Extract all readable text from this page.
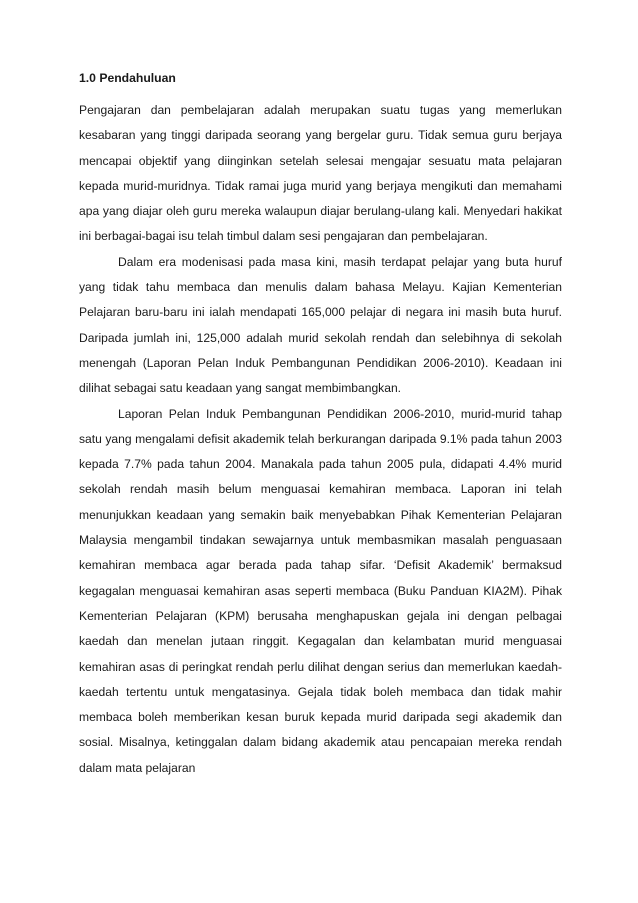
1.0 Pendahuluan

Pengajaran dan pembelajaran adalah merupakan suatu tugas yang memerlukan kesabaran yang tinggi daripada seorang yang bergelar guru. Tidak semua guru berjaya mencapai objektif yang diinginkan setelah selesai mengajar sesuatu mata pelajaran kepada murid-muridnya. Tidak ramai juga murid yang berjaya mengikuti dan memahami apa yang diajar oleh guru mereka walaupun diajar berulang-ulang kali. Menyedari hakikat ini berbagai-bagai isu telah timbul dalam sesi pengajaran dan pembelajaran.

Dalam era modenisasi pada masa kini, masih terdapat pelajar yang buta huruf yang tidak tahu membaca dan menulis dalam bahasa Melayu. Kajian Kementerian Pelajaran baru-baru ini ialah mendapati 165,000 pelajar di negara ini masih buta huruf. Daripada jumlah ini, 125,000 adalah murid sekolah rendah dan selebihnya di sekolah menengah (Laporan Pelan Induk Pembangunan Pendidikan 2006-2010). Keadaan ini dilihat sebagai satu keadaan yang sangat membimbangkan.

Laporan Pelan Induk Pembangunan Pendidikan 2006-2010, murid-murid tahap satu yang mengalami defisit akademik telah berkurangan daripada 9.1% pada tahun 2003 kepada 7.7% pada tahun 2004. Manakala pada tahun 2005 pula, didapati 4.4% murid sekolah rendah masih belum menguasai kemahiran membaca. Laporan ini telah menunjukkan keadaan yang semakin baik menyebabkan Pihak Kementerian Pelajaran Malaysia mengambil tindakan sewajarnya untuk membasmikan masalah penguasaan kemahiran membaca agar berada pada tahap sifar. ‘Defisit Akademik’ bermaksud kegagalan menguasai kemahiran asas seperti membaca (Buku Panduan KIA2M). Pihak Kementerian Pelajaran (KPM) berusaha menghapuskan gejala ini dengan pelbagai kaedah dan menelan jutaan ringgit. Kegagalan dan kelambatan murid menguasai kemahiran asas di peringkat rendah perlu dilihat dengan serius dan memerlukan kaedah-kaedah tertentu untuk mengatasinya. Gejala tidak boleh membaca dan tidak mahir membaca boleh memberikan kesan buruk kepada murid daripada segi akademik dan sosial. Misalnya, ketinggalan dalam bidang akademik atau pencapaian mereka rendah dalam mata pelajaran
